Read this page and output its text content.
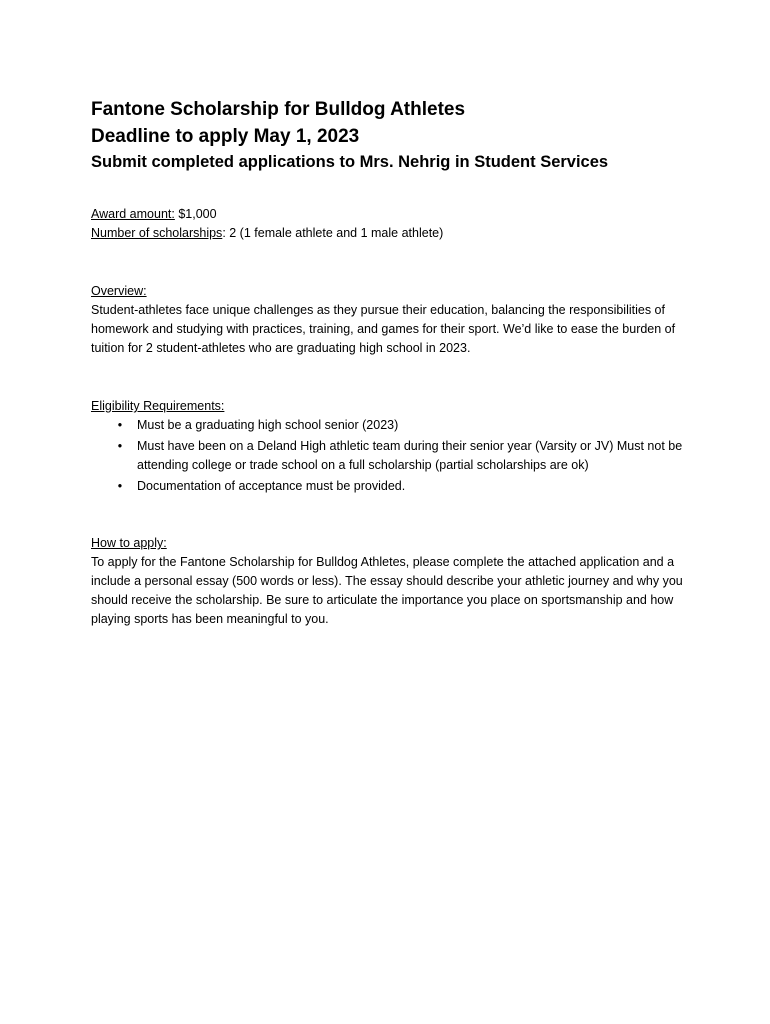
Fantone Scholarship for Bulldog Athletes

Deadline to apply May 1, 2023

Submit completed applications to Mrs. Nehrig in Student Services

Award amount: $1,000

Number of scholarships: 2 (1 female athlete and 1 male athlete)

Overview:

Student-athletes face unique challenges as they pursue their education, balancing the responsibilities of homework and studying with practices, training, and games for their sport. We’d like to ease the burden of tuition for 2 student-athletes who are graduating high school in 2023.

Eligibility Requirements:

• Must be a graduating high school senior (2023)
• Must have been on a Deland High athletic team during their senior year (Varsity or JV) Must not be attending college or trade school on a full scholarship (partial scholarships are ok)
• Documentation of acceptance must be provided.

How to apply:

To apply for the Fantone Scholarship for Bulldog Athletes, please complete the attached application and a include a personal essay (500 words or less). The essay should describe your athletic journey and why you should receive the scholarship. Be sure to articulate the importance you place on sportsmanship and how playing sports has been meaningful to you.
